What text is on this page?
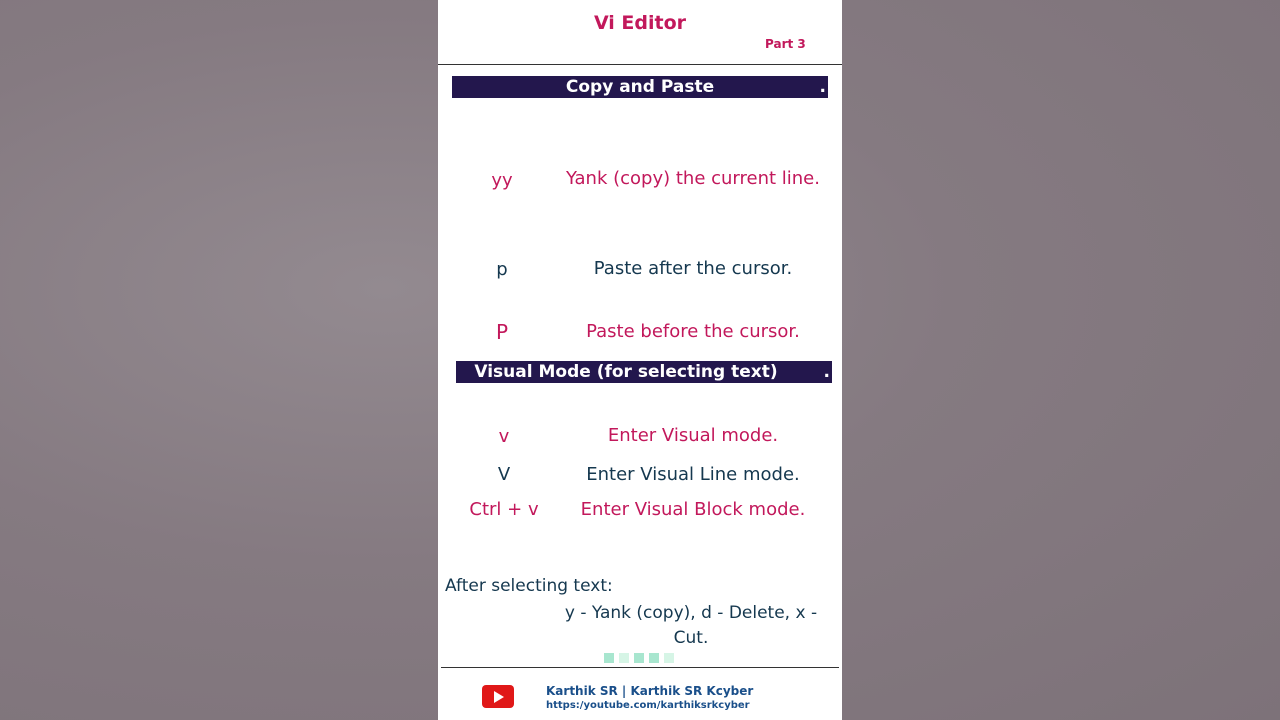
Vi Editor
Part 3
Copy and Paste	.
yy	Yank (copy) the current line.
p	Paste after the cursor.
P	Paste before the cursor.
Visual Mode (for selecting text)	.
v	Enter Visual mode.
V	Enter Visual Line mode.
Ctrl + v	Enter Visual Block mode.
After selecting text:
y - Yank (copy), d - Delete, x - Cut.
Karthik SR | Karthik SR Kcyber
https:/youtube.com/karthiksrkcyber
